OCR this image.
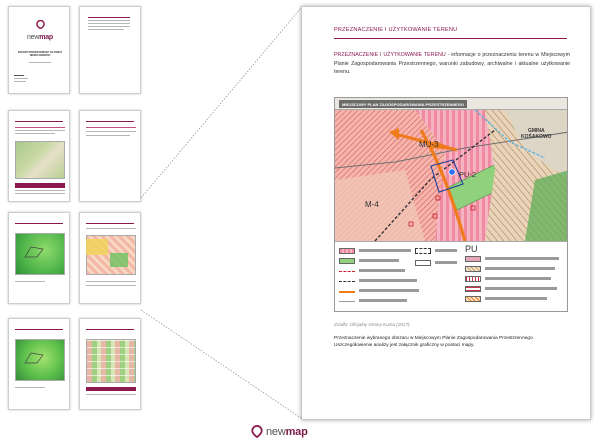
newmap
RAPORT PRZEDSTAWIONY NA TEMAT
NIERUCHOMOŚCI
PRZEZNACZENIE I UŻYTKOWANIE TERENU
PRZEZNACZENIE I UŻYTKOWANIE TERENU - informacje o przeznaczeniu terenu w Miejscowym Planie Zagospodarowania Przestrzennego, warunki zabudowy, archiwalne i aktualne użytkowanie terenu.
MIEJSCOWY PLAN ZAGOSPODAROWANIA PRZESTRZENNEGO
MU-3
PU-2
M-4
GMINA
KOŚAKOWO
PU
Źródło: Oficjalny Gminy Kuma (2017)
Przeznaczenie wybranego obszaru w Miejscowym Planie Zagospodarowania Przestrzennego. Uszczegółowienie analizy jest załącznik graficzny w postaci mapy.
newmap
